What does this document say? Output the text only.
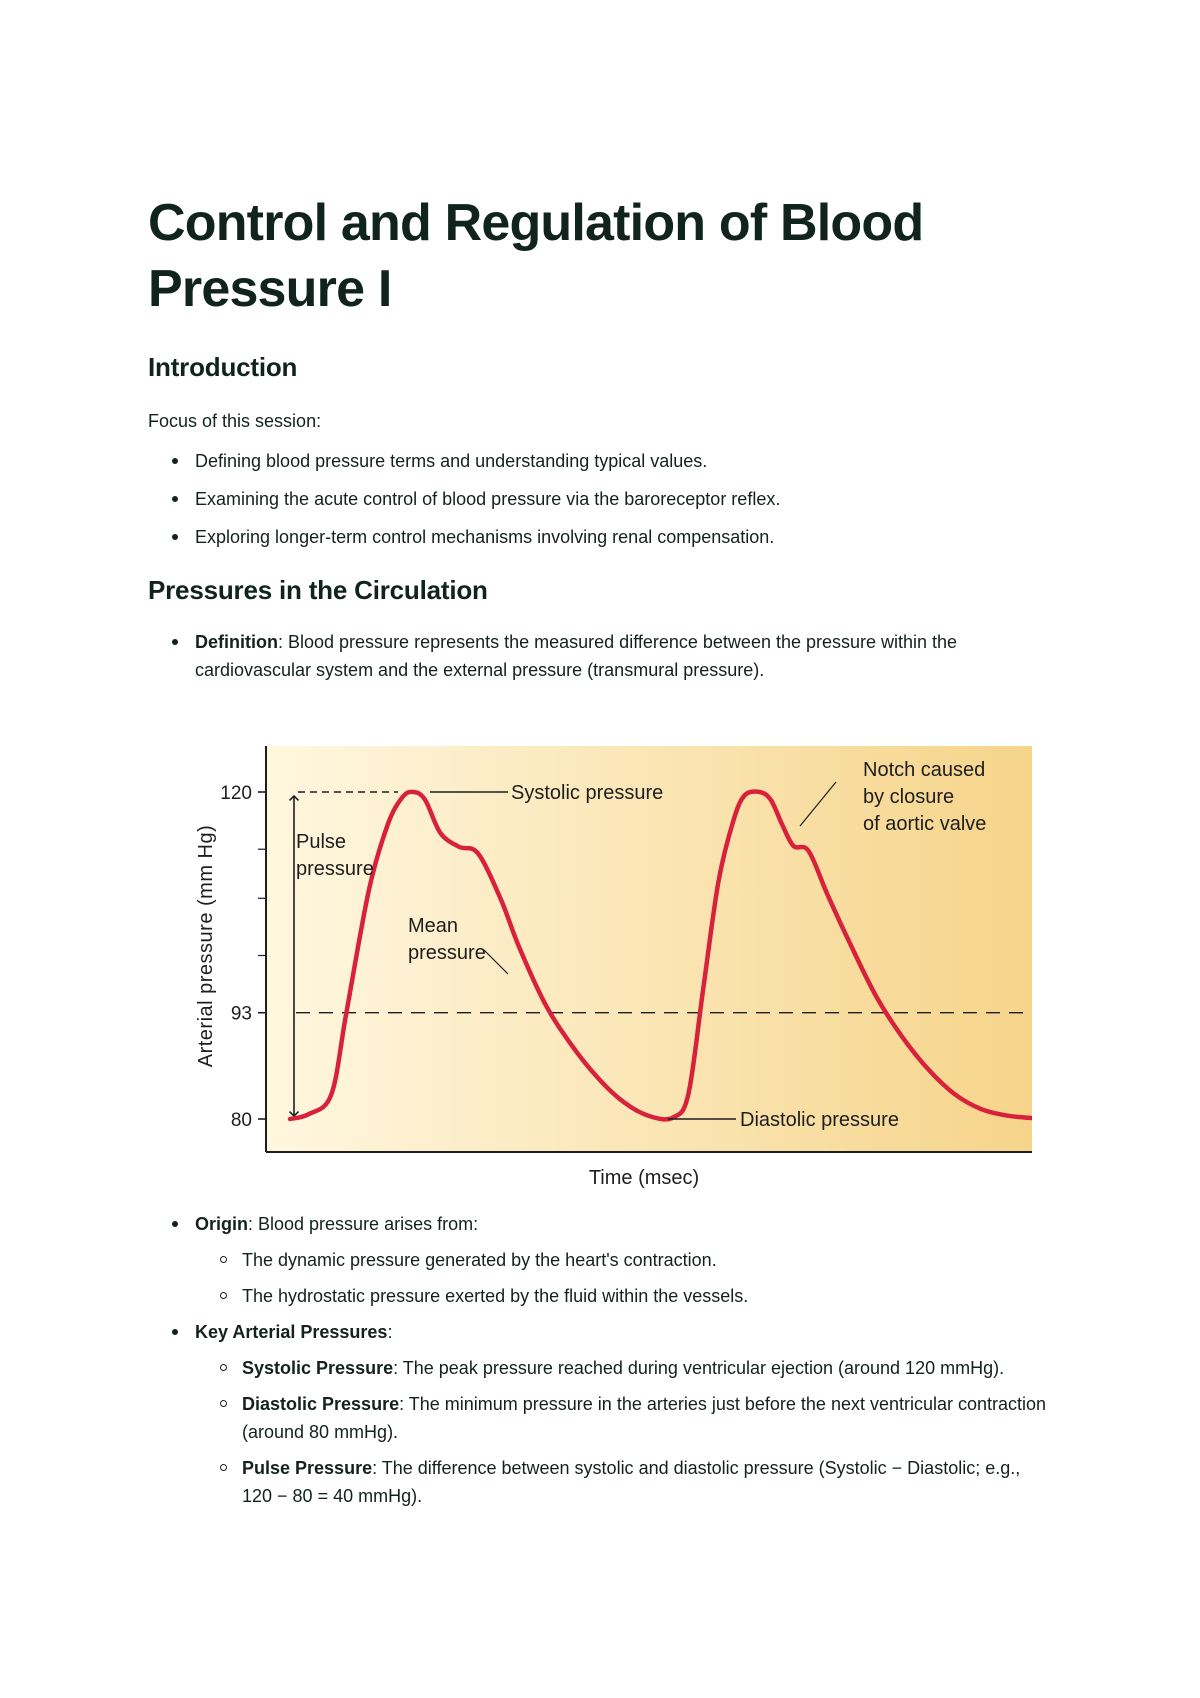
Control and Regulation of Blood Pressure I
Introduction

Focus of this session:

Defining blood pressure terms and understanding typical values.
Examining the acute control of blood pressure via the baroreceptor reflex.
Exploring longer-term control mechanisms involving renal compensation.
Pressures in the Circulation
Definition: Blood pressure represents the measured difference between the pressure within the cardiovascular system and the external pressure (transmural pressure).
80
93
120	Systolic pressure
Diastolic pressure
Pulse
pressure
Mean
pressure
Notch caused
by closure
of aortic valve
Time (msec)
Arterial pressure (mm Hg)
Origin: Blood pressure arises from:
The dynamic pressure generated by the heart's contraction.
The hydrostatic pressure exerted by the fluid within the vessels.
Key Arterial Pressures:
Systolic Pressure: The peak pressure reached during ventricular ejection (around 120 mmHg).
Diastolic Pressure: The minimum pressure in the arteries just before the next ventricular contraction (around 80 mmHg).
Pulse Pressure: The difference between systolic and diastolic pressure (Systolic − Diastolic; e.g., 120 − 80 = 40 mmHg).
